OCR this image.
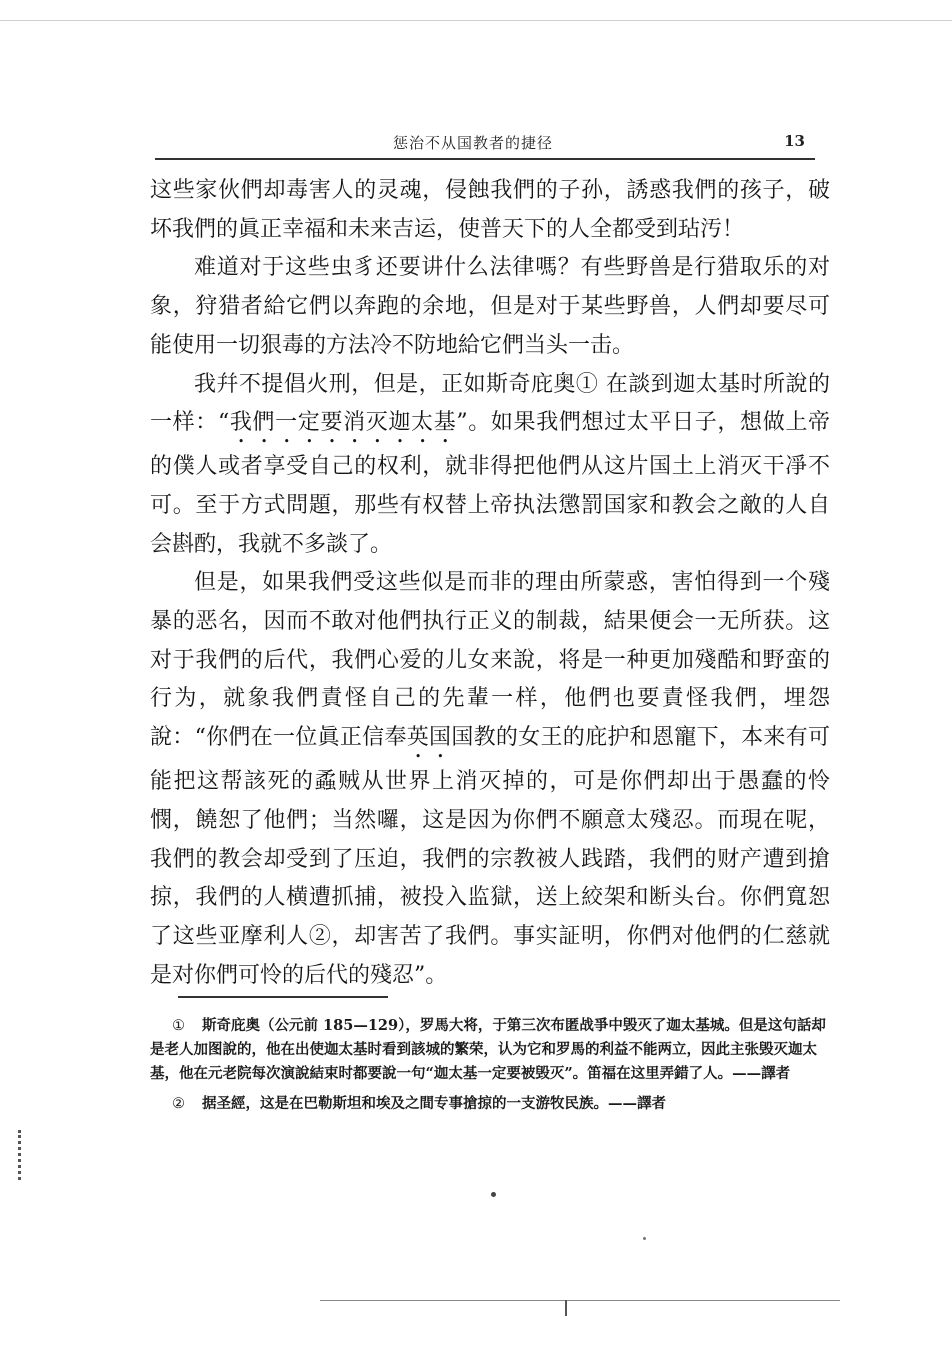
惩治不从国教者的捷径	13

这些家伙們却毒害人的灵魂，侵蝕我們的子孙，誘惑我們的孩子，破坏我們的眞正幸福和未来吉运，使普天下的人全都受到玷汚！

难道对于这些虫豸还要讲什么法律嗎？有些野兽是行猎取乐的对象，狩猎者給它們以奔跑的余地，但是对于某些野兽，人們却要尽可能使用一切狠毒的方法冷不防地給它們当头一击。

我幷不提倡火刑，但是，正如斯奇庇奥① 在談到迦太基时所說的一样：“我們一定要消灭迦太基”。如果我們想过太平日子，想做上帝的僕人或者享受自己的权利，就非得把他們从这片国土上消灭干凈不可。至于方式問題，那些有权替上帝执法懲罰国家和教会之敵的人自会斟酌，我就不多談了。

但是，如果我們受这些似是而非的理由所蒙惑，害怕得到一个殘暴的恶名，因而不敢对他們执行正义的制裁，結果便会一无所获。这对于我們的后代，我們心爱的儿女来說，将是一种更加殘酷和野蛮的行为，就象我們責怪自己的先輩一样，他們也要責怪我們，埋怨說：“你們在一位眞正信奉英国国教的女王的庇护和恩寵下，本来有可能把这帮該死的蟊贼从世界上消灭掉的，可是你們却出于愚蠢的怜憫，饒恕了他們；当然囉，这是因为你們不願意太殘忍。而現在呢，我們的教会却受到了压迫，我們的宗教被人践踏，我們的财产遭到搶掠，我們的人横遭抓捕，被投入监獄，送上絞架和断头台。你們寬恕了这些亚摩利人②，却害苦了我們。事实証明，你們对他們的仁慈就是对你們可怜的后代的殘忍”。

① 斯奇庇奥（公元前 185—129），罗馬大将，于第三次布匿战爭中毁灭了迦太基城。但是这句話却是老人加图說的，他在出使迦太基时看到該城的繁荣，认为它和罗馬的利益不能两立，因此主张毁灭迦太基，他在元老院每次演說結束时都要說一句“迦太基一定要被毁灭”。笛福在这里弄錯了人。——譯者

② 据圣經，这是在巴勒斯坦和埃及之間专事搶掠的一支游牧民族。——譯者
